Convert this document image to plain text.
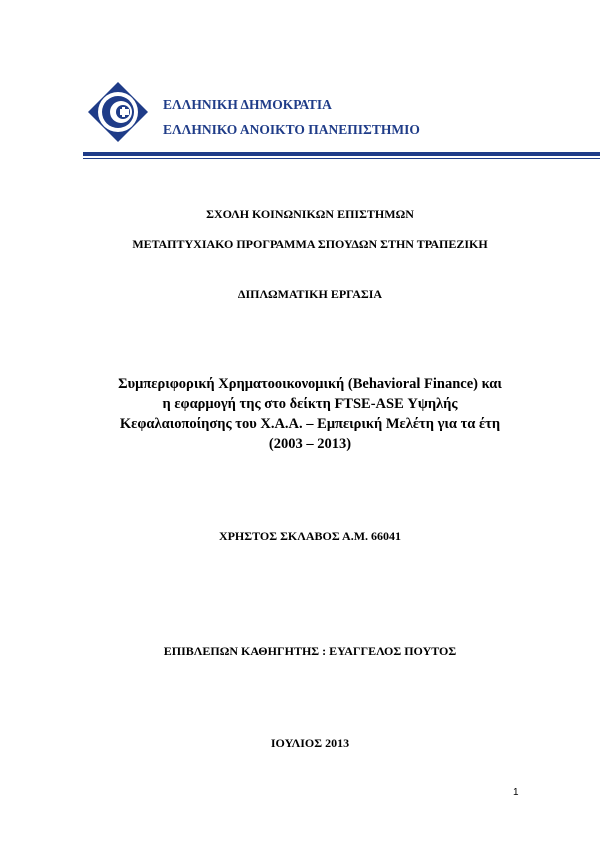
ΕΛΛΗΝΙΚΗ ΔΗΜΟΚΡΑΤΙΑ
ΕΛΛΗΝΙΚΟ ΑΝΟΙΚΤΟ ΠΑΝΕΠΙΣΤΗΜΙΟ
ΣΧΟΛΗ ΚΟΙΝΩΝΙΚΩΝ ΕΠΙΣΤΗΜΩΝ
ΜΕΤΑΠΤΥΧΙΑΚΟ ΠΡΟΓΡΑΜΜΑ ΣΠΟΥΔΩΝ ΣΤΗΝ ΤΡΑΠΕΖΙΚΗ
ΔΙΠΛΩΜΑΤΙΚΗ ΕΡΓΑΣΙΑ
Συμπεριφορική Χρηματοοικονομική (Behavioral Finance) και
η εφαρμογή της στο δείκτη FTSE-ASE Υψηλής
Κεφαλαιοποίησης του Χ.Α.Α. – Εμπειρική Μελέτη για τα έτη
(2003 – 2013)
ΧΡΗΣΤΟΣ ΣΚΛΑΒΟΣ Α.Μ. 66041
ΕΠΙΒΛΕΠΩΝ ΚΑΘΗΓΗΤΗΣ : ΕΥΑΓΓΕΛΟΣ ΠΟΥΤΟΣ
ΙΟΥΛΙΟΣ 2013
1
